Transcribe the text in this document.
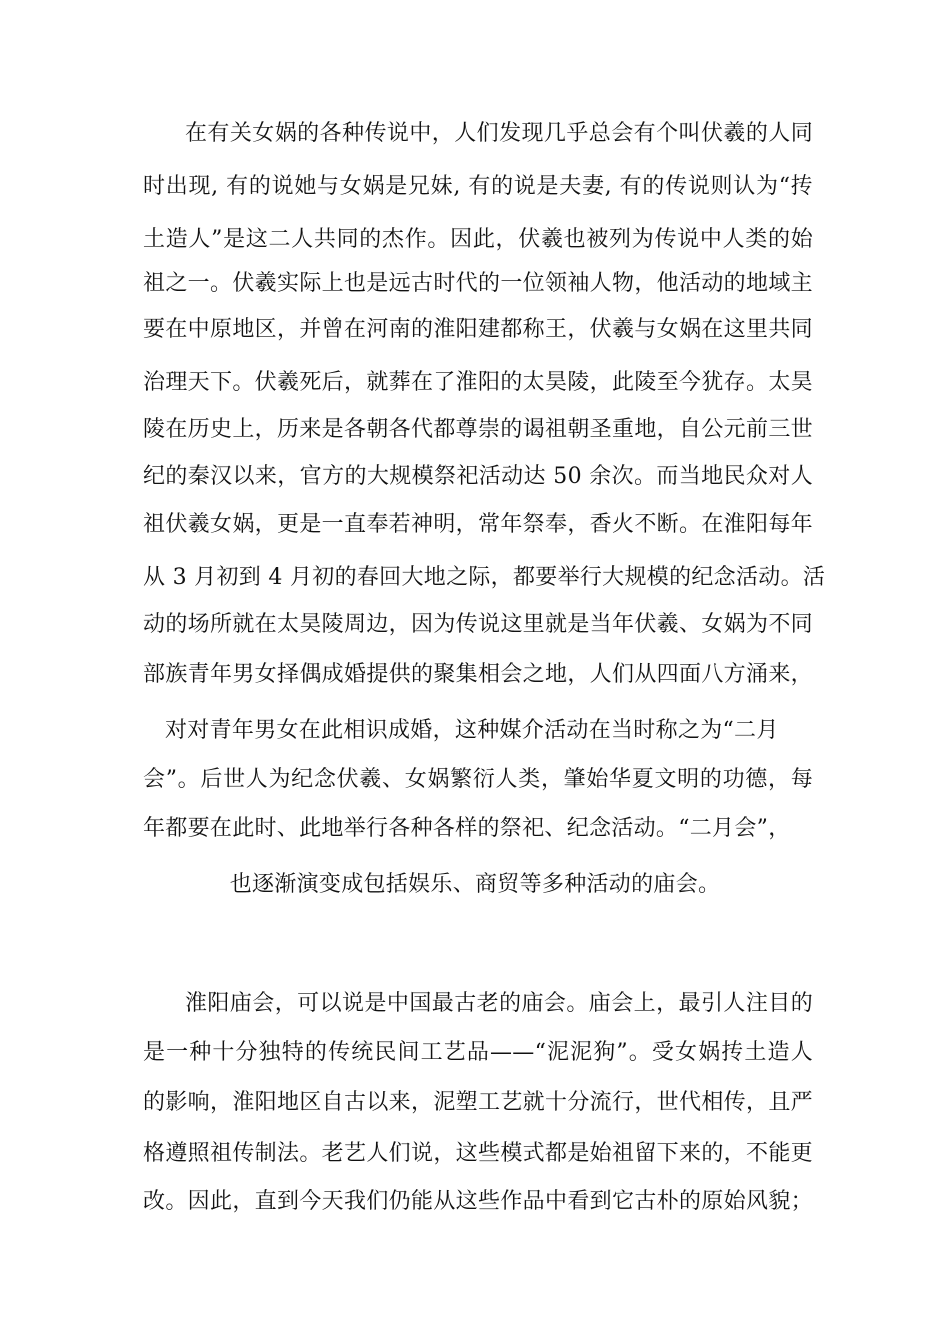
在有关女娲的各种传说中，人们发现几乎总会有个叫伏羲的人同
时出现, 有的说她与女娲是兄妹, 有的说是夫妻, 有的传说则认为“抟
土造人”是这二人共同的杰作。因此，伏羲也被列为传说中人类的始
祖之一。伏羲实际上也是远古时代的一位领袖人物，他活动的地域主
要在中原地区，并曾在河南的淮阳建都称王，伏羲与女娲在这里共同
治理天下。伏羲死后，就葬在了淮阳的太昊陵，此陵至今犹存。太昊
陵在历史上，历来是各朝各代都尊崇的谒祖朝圣重地，自公元前三世
纪的秦汉以来，官方的大规模祭祀活动达 50 余次。而当地民众对人
祖伏羲女娲，更是一直奉若神明，常年祭奉，香火不断。在淮阳每年
从 3 月初到 4 月初的春回大地之际，都要举行大规模的纪念活动。活
动的场所就在太昊陵周边，因为传说这里就是当年伏羲、女娲为不同
部族青年男女择偶成婚提供的聚集相会之地，人们从四面八方涌来，
对对青年男女在此相识成婚，这种媒介活动在当时称之为“二月
会”。后世人为纪念伏羲、女娲繁衍人类，肇始华夏文明的功德，每
年都要在此时、此地举行各种各样的祭祀、纪念活动。“二月会”，
也逐渐演变成包括娱乐、商贸等多种活动的庙会。
淮阳庙会，可以说是中国最古老的庙会。庙会上，最引人注目的
是一种十分独特的传统民间工艺品——“泥泥狗”。受女娲抟土造人
的影响，淮阳地区自古以来，泥塑工艺就十分流行，世代相传，且严
格遵照祖传制法。老艺人们说，这些模式都是始祖留下来的，不能更
改。因此，直到今天我们仍能从这些作品中看到它古朴的原始风貌；
